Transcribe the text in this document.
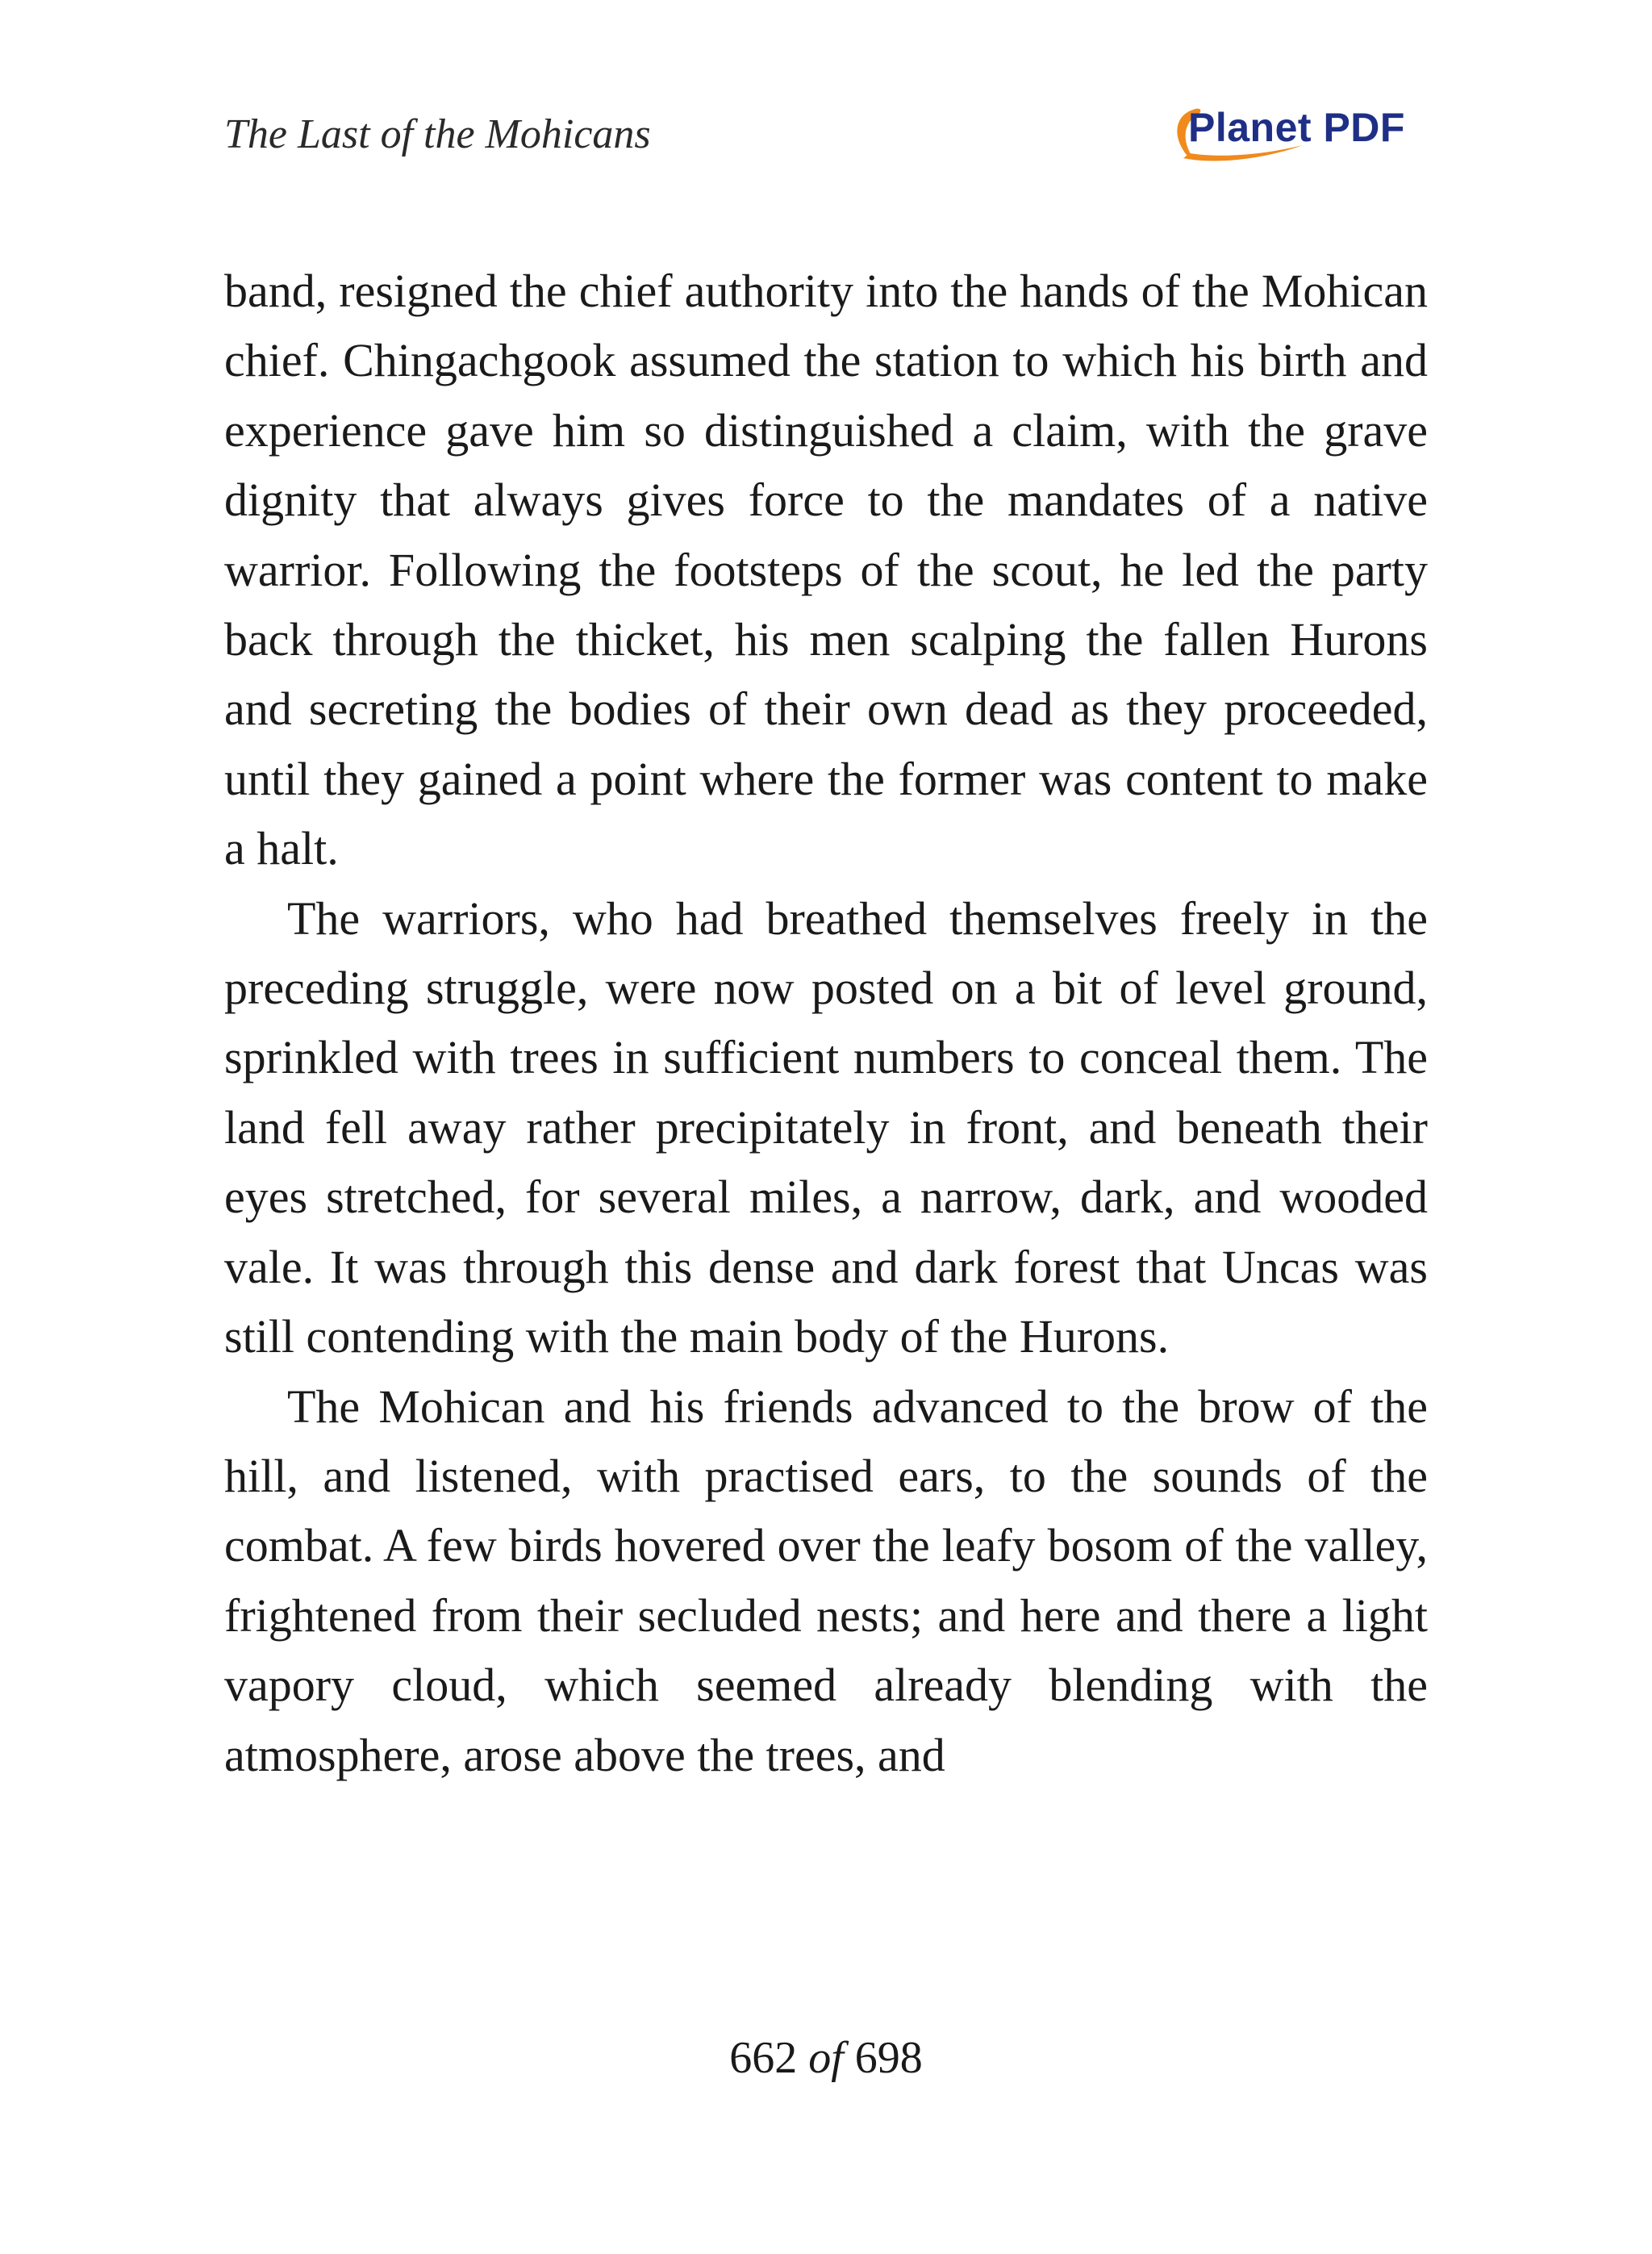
The Last of the Mohicans	Planet PDF

band, resigned the chief authority into the hands of the Mohican chief. Chingachgook assumed the station to which his birth and experience gave him so distinguished a claim, with the grave dignity that always gives force to the mandates of a native warrior. Following the footsteps of the scout, he led the party back through the thicket, his men scalping the fallen Hurons and secreting the bodies of their own dead as they proceeded, until they gained a point where the former was content to make a halt.

The warriors, who had breathed themselves freely in the preceding struggle, were now posted on a bit of level ground, sprinkled with trees in sufficient numbers to conceal them. The land fell away rather precipitately in front, and beneath their eyes stretched, for several miles, a narrow, dark, and wooded vale. It was through this dense and dark forest that Uncas was still contending with the main body of the Hurons.

The Mohican and his friends advanced to the brow of the hill, and listened, with practised ears, to the sounds of the combat. A few birds hovered over the leafy bosom of the valley, frightened from their secluded nests; and here and there a light vapory cloud, which seemed already blending with the atmosphere, arose above the trees, and

662 of 698
